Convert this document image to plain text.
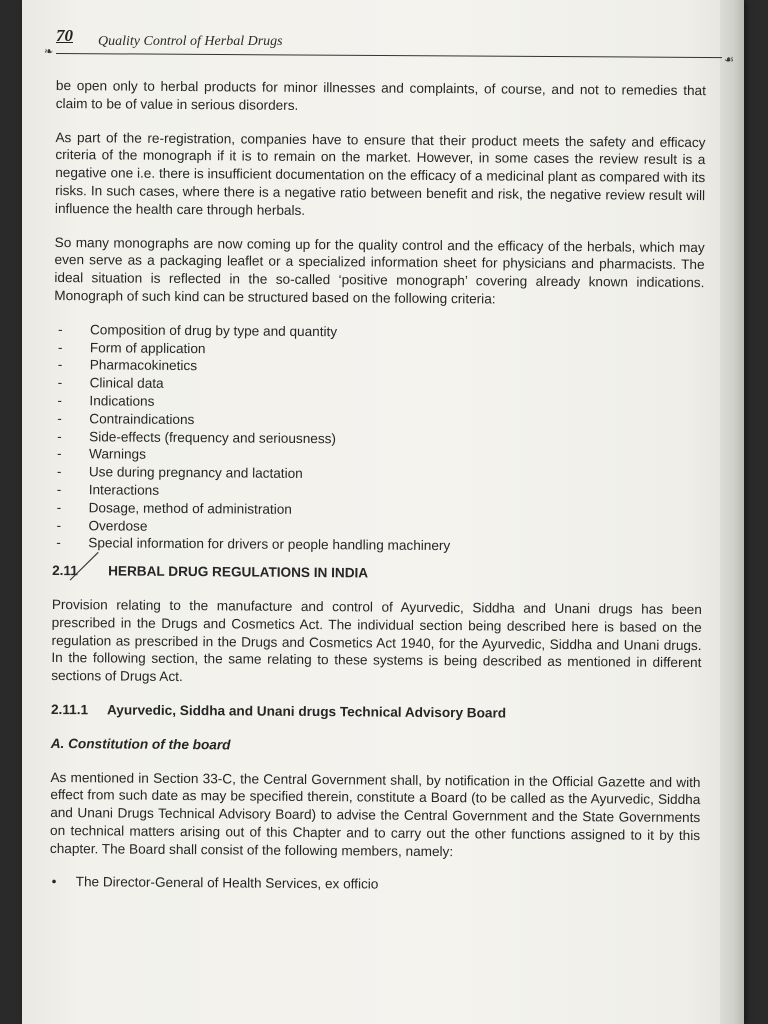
70 Quality Control of Herbal Drugs
❧
☙

be open only to herbal products for minor illnesses and complaints, of course, and not to remedies that claim to be of value in serious disorders.

As part of the re-registration, companies have to ensure that their product meets the safety and efficacy criteria of the monograph if it is to remain on the market. However, in some cases the review result is a negative one i.e. there is insufficient documentation on the efficacy of a medicinal plant as compared with its risks. In such cases, where there is a negative ratio between benefit and risk, the negative review result will influence the health care through herbals.

So many monographs are now coming up for the quality control and the efficacy of the herbals, which may even serve as a packaging leaflet or a specialized information sheet for physicians and pharmacists. The ideal situation is reflected in the so-called ‘positive monograph’ covering already known indications. Monograph of such kind can be structured based on the following criteria:

- Composition of drug by type and quantity
- Form of application
- Pharmacokinetics
- Clinical data
- Indications
- Contraindications
- Side-effects (frequency and seriousness)
- Warnings
- Use during pregnancy and lactation
- Interactions
- Dosage, method of administration
- Overdose
- Special information for drivers or people handling machinery
2.11 HERBAL DRUG REGULATIONS IN INDIA

Provision relating to the manufacture and control of Ayurvedic, Siddha and Unani drugs has been prescribed in the Drugs and Cosmetics Act. The individual section being described here is based on the regulation as prescribed in the Drugs and Cosmetics Act 1940, for the Ayurvedic, Siddha and Unani drugs. In the following section, the same relating to these systems is being described as mentioned in different sections of Drugs Act.

2.11.1 Ayurvedic, Siddha and Unani drugs Technical Advisory Board
A. Constitution of the board

As mentioned in Section 33-C, the Central Government shall, by notification in the Official Gazette and with effect from such date as may be specified therein, constitute a Board (to be called as the Ayurvedic, Siddha and Unani Drugs Technical Advisory Board) to advise the Central Government and the State Governments on technical matters arising out of this Chapter and to carry out the other functions assigned to it by this chapter. The Board shall consist of the following members, namely:

• The Director-General of Health Services, ex officio
